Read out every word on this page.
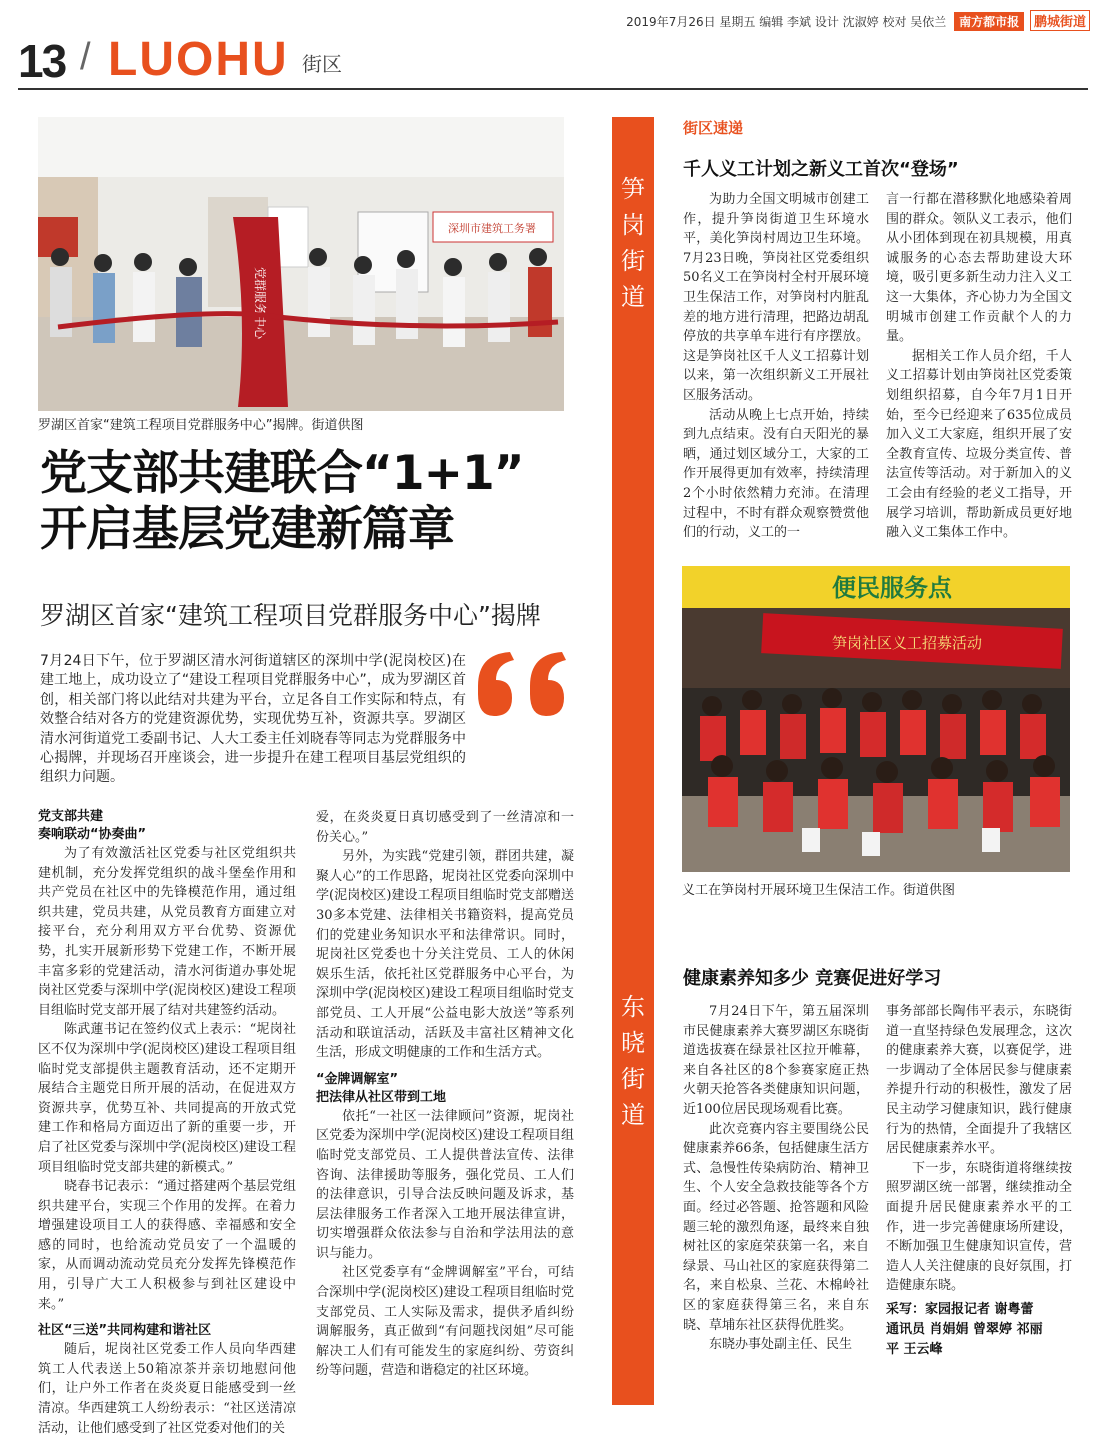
2019年7月26日 星期五 编辑 李斌 设计 沈淑婷 校对 吴依兰 南方都市报 鹏城街道
13 / LUOHU 街区
深圳市建筑工务署
党群服务中心
罗湖区首家“建筑工程项目党群服务中心”揭牌。街道供图
党支部共建联合“1+1”
开启基层党建新篇章
罗湖区首家“建筑工程项目党群服务中心”揭牌
7月24日下午，位于罗湖区清水河街道辖区的深圳中学(泥岗校区)在建工地上，成功设立了“建设工程项目党群服务中心”，成为罗湖区首创，相关部门将以此结对共建为平台，立足各自工作实际和特点，有效整合结对各方的党建资源优势，实现优势互补，资源共享。罗湖区清水河街道党工委副书记、人大工委主任刘晓春等同志为党群服务中心揭牌，并现场召开座谈会，进一步提升在建工程项目基层党组织的组织力问题。
党支部共建
奏响联动“协奏曲”

为了有效激活社区党委与社区党组织共建机制，充分发挥党组织的战斗堡垒作用和共产党员在社区中的先锋模范作用，通过组织共建，党员共建，从党员教育方面建立对接平台，充分利用双方平台优势、资源优势，扎实开展新形势下党建工作，不断开展丰富多彩的党建活动，清水河街道办事处坭岗社区党委与深圳中学(泥岗校区)建设工程项目组临时党支部开展了结对共建签约活动。

陈武蓮书记在签约仪式上表示：“坭岗社区不仅为深圳中学(泥岗校区)建设工程项目组临时党支部提供主题教育活动，还不定期开展结合主题党日所开展的活动，在促进双方资源共享，优势互补、共同提高的开放式党建工作和格局方面迈出了新的重要一步，开启了社区党委与深圳中学(泥岗校区)建设工程项目组临时党支部共建的新模式。”

晓春书记表示：“通过搭建两个基层党组织共建平台，实现三个作用的发挥。在着力增强建设项目工人的获得感、幸福感和安全感的同时，也给流动党员安了一个温暖的家，从而调动流动党员充分发挥先锋模范作用，引导广大工人积极参与到社区建设中来。”

社区“三送”共同构建和谐社区

随后，坭岗社区党委工作人员向华西建筑工人代表送上50箱凉茶并亲切地慰问他们，让户外工作者在炎炎夏日能感受到一丝清凉。华西建筑工人纷纷表示：“社区送清凉活动，让他们感受到了社区党委对他们的关

爱，在炎炎夏日真切感受到了一丝清凉和一份关心。”

另外，为实践“党建引领，群团共建，凝聚人心”的工作思路，坭岗社区党委向深圳中学(泥岗校区)建设工程项目组临时党支部赠送30多本党建、法律相关书籍资料，提高党员们的党建业务知识水平和法律常识。同时，坭岗社区党委也十分关注党员、工人的休闲娱乐生活，依托社区党群服务中心平台，为深圳中学(泥岗校区)建设工程项目组临时党支部党员、工人开展“公益电影大放送”等系列活动和联谊活动，活跃及丰富社区精神文化生活，形成文明健康的工作和生活方式。

“金牌调解室”
把法律从社区带到工地

依托“一社区一法律顾问”资源，坭岗社区党委为深圳中学(泥岗校区)建设工程项目组临时党支部党员、工人提供普法宣传、法律咨询、法律援助等服务，强化党员、工人们的法律意识，引导合法反映问题及诉求，基层法律服务工作者深入工地开展法律宣讲，切实增强群众依法参与自治和学法用法的意识与能力。

社区党委享有“金牌调解室”平台，可结合深圳中学(泥岗校区)建设工程项目组临时党支部党员、工人实际及需求，提供矛盾纠纷调解服务，真正做到“有问题找闵姐”尽可能解决工人们有可能发生的家庭纠纷、劳资纠纷等问题，营造和谐稳定的社区环境。

笋
岗
街
道
东
晓
街
道
街区速递
千人义工计划之新义工首次“登场”

为助力全国文明城市创建工作，提升笋岗街道卫生环境水平，美化笋岗村周边卫生环境。7月23日晚，笋岗社区党委组织50名义工在笋岗村全村开展环境卫生保洁工作，对笋岗村内脏乱差的地方进行清理，把路边胡乱停放的共享单车进行有序摆放。这是笋岗社区千人义工招募计划以来，第一次组织新义工开展社区服务活动。

活动从晚上七点开始，持续到九点结束。没有白天阳光的暴晒，通过划区域分工，大家的工作开展得更加有效率，持续清理2个小时依然精力充沛。在清理过程中，不时有群众观察赞赏他们的行动，义工的一

言一行都在潜移默化地感染着周围的群众。领队义工表示，他们从小团体到现在初具规模，用真诚服务的心态去帮助建设大环境，吸引更多新生动力注入义工这一大集体，齐心协力为全国文明城市创建工作贡献个人的力量。

据相关工作人员介绍，千人义工招募计划由笋岗社区党委策划组织招募，自今年7月1日开始，至今已经迎来了635位成员加入义工大家庭，组织开展了安全教育宣传、垃圾分类宣传、普法宣传等活动。对于新加入的义工会由有经验的老义工指导，开展学习培训，帮助新成员更好地融入义工集体工作中。

便民服务点
笋岗社区义工招募活动
义工在笋岗村开展环境卫生保洁工作。街道供图
健康素养知多少 竞赛促进好学习

7月24日下午，第五届深圳市民健康素养大赛罗湖区东晓街道选拔赛在绿景社区拉开帷幕，来自各社区的8个参赛家庭正热火朝天抢答各类健康知识问题，近100位居民现场观看比赛。

此次竞赛内容主要围绕公民健康素养66条，包括健康生活方式、急慢性传染病防治、精神卫生、个人安全急救技能等各个方面。经过必答题、抢答题和风险题三轮的激烈角逐，最终来自独树社区的家庭荣获第一名，来自绿景、马山社区的家庭获得第二名，来自松泉、兰花、木棉岭社区的家庭获得第三名，来自东晓、草埔东社区获得优胜奖。

东晓办事处副主任、民生

事务部部长陶伟平表示，东晓街道一直坚持绿色发展理念，这次的健康素养大赛，以赛促学，进一步调动了全体居民参与健康素养提升行动的积极性，激发了居民主动学习健康知识，践行健康行为的热情，全面提升了我辖区居民健康素养水平。

下一步，东晓街道将继续按照罗湖区统一部署，继续推动全面提升居民健康素养水平的工作，进一步完善健康场所建设，不断加强卫生健康知识宣传，营造人人关注健康的良好氛围，打造健康东晓。

采写：家园报记者 谢粤蕾
通讯员 肖娟娟 曾翠婷 祁丽
平 王云峰
